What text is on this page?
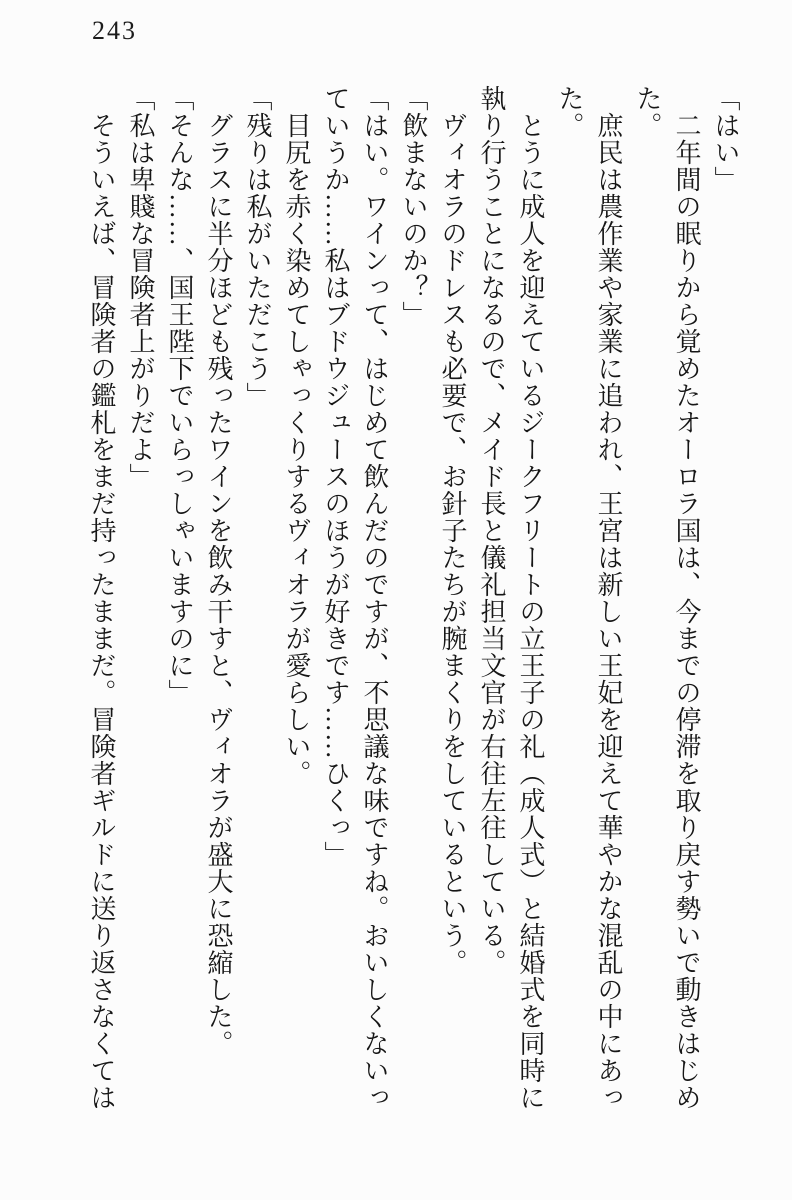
243

「はい」

　二年間の眠りから覚めたオーロラ国は、今までの停滞を取り戻す勢いで動きはじめ

た。

　庶民は農作業や家業に追われ、王宮は新しい王妃を迎えて華やかな混乱の中にあっ

た。

　とうに成人を迎えているジークフリートの立王子の礼（成人式）と結婚式を同時に

執り行うことになるので、メイド長と儀礼担当文官が右往左往している。

　ヴィオラのドレスも必要で、お針子たちが腕まくりをしているという。

「飲まないのか？」

「はい。ワインって、はじめて飲んだのですが、不思議な味ですね。おいしくないっ

ていうか……私はブドウジュースのほうが好きです……ひくっ」

　目尻を赤く染めてしゃっくりするヴィオラが愛らしい。

「残りは私がいただこう」

　グラスに半分ほども残ったワインを飲み干すと、ヴィオラが盛大に恐縮した。

「そんな……、国王陛下でいらっしゃいますのに」

「私は卑賤な冒険者上がりだよ」

　そういえば、冒険者の鑑札をまだ持ったままだ。冒険者ギルドに送り返さなくては
